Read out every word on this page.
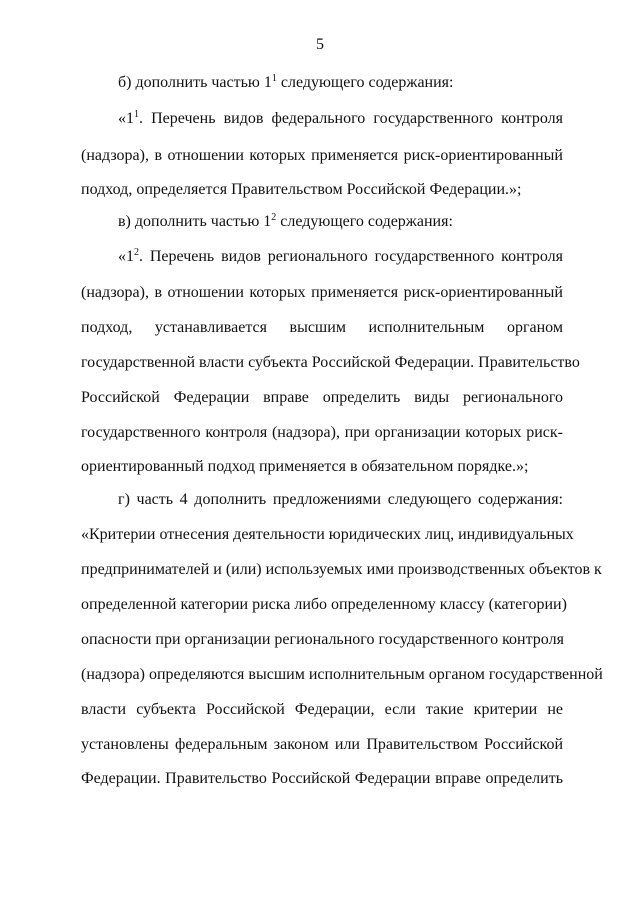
5
б) дополнить частью $1^1$ следующего содержания:
«$1^1$. Перечень видов федерального государственного контроля
(надзора), в отношении которых применяется риск-ориентированный
подход, определяется Правительством Российской Федерации.»;
в) дополнить частью $1^2$ следующего содержания:
«$1^2$. Перечень видов регионального государственного контроля
(надзора), в отношении которых применяется риск-ориентированный
подход, устанавливается высшим исполнительным органом
государственной власти субъекта Российской Федерации. Правительство
Российской Федерации вправе определить виды регионального
государственного контроля (надзора), при организации которых риск-
ориентированный подход применяется в обязательном порядке.»;
г) часть 4 дополнить предложениями следующего содержания:
«Критерии отнесения деятельности юридических лиц, индивидуальных
предпринимателей и (или) используемых ими производственных объектов к
определенной категории риска либо определенному классу (категории)
опасности при организации регионального государственного контроля
(надзора) определяются высшим исполнительным органом государственной
власти субъекта Российской Федерации, если такие критерии не
установлены федеральным законом или Правительством Российской
Федерации. Правительство Российской Федерации вправе определить
